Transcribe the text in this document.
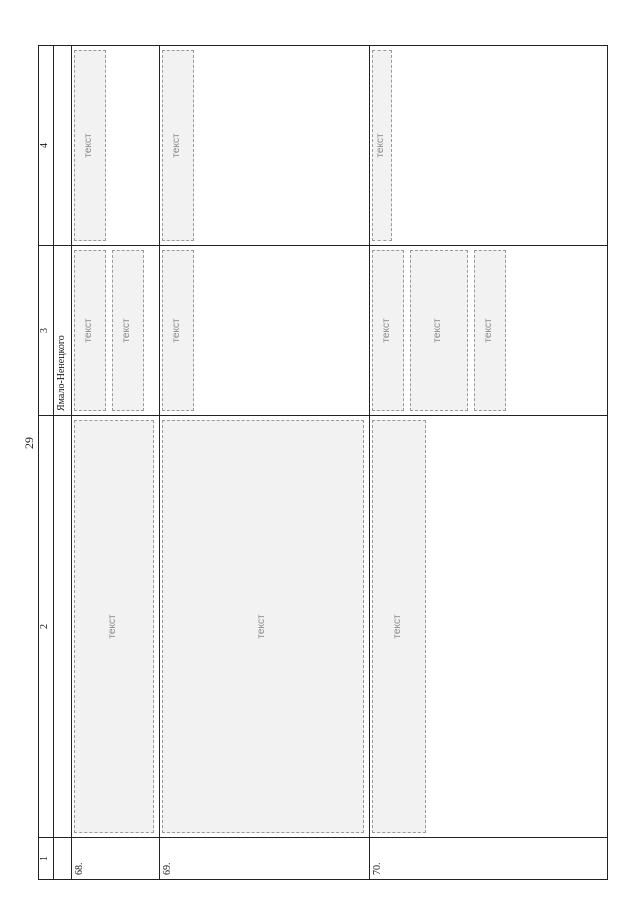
29
1	2	3	4
		Ямало-Ненецкого	
68.	текст	текст текст	текст

69.	текст	текст	текст

70.	текст	текст текст текст	текст
